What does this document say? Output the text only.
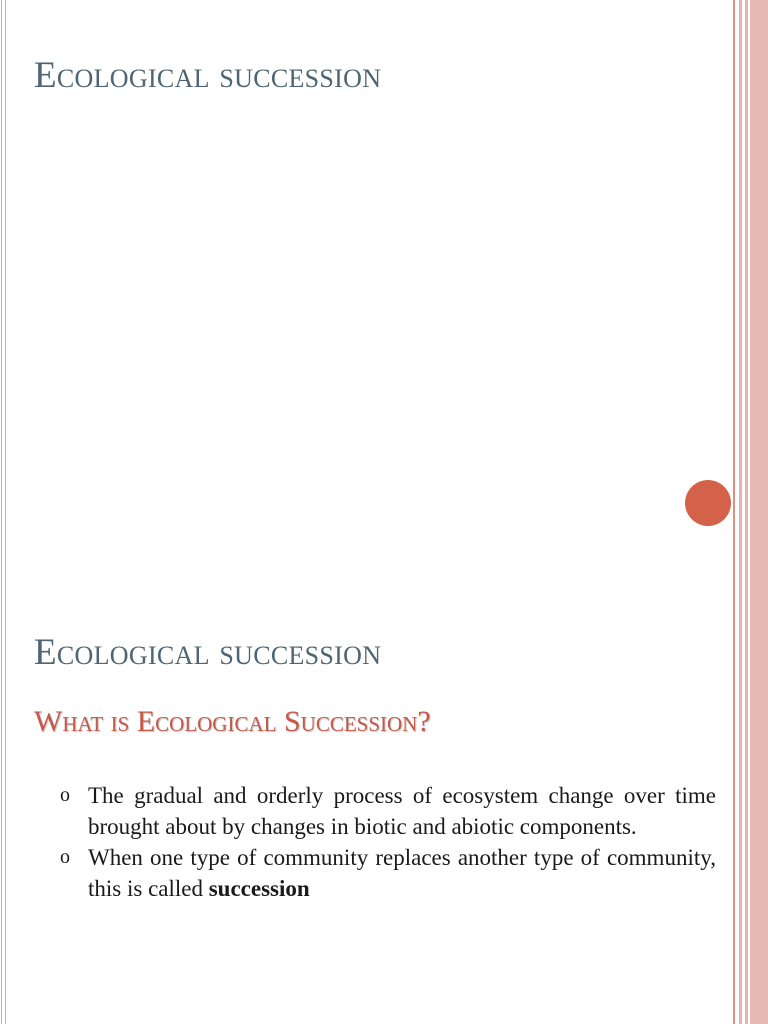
Ecological succession
Ecological succession
What is Ecological Succession?
o The gradual and orderly process of ecosystem change over time brought about by changes in biotic and abiotic components.
o When one type of community replaces another type of community, this is called succession
